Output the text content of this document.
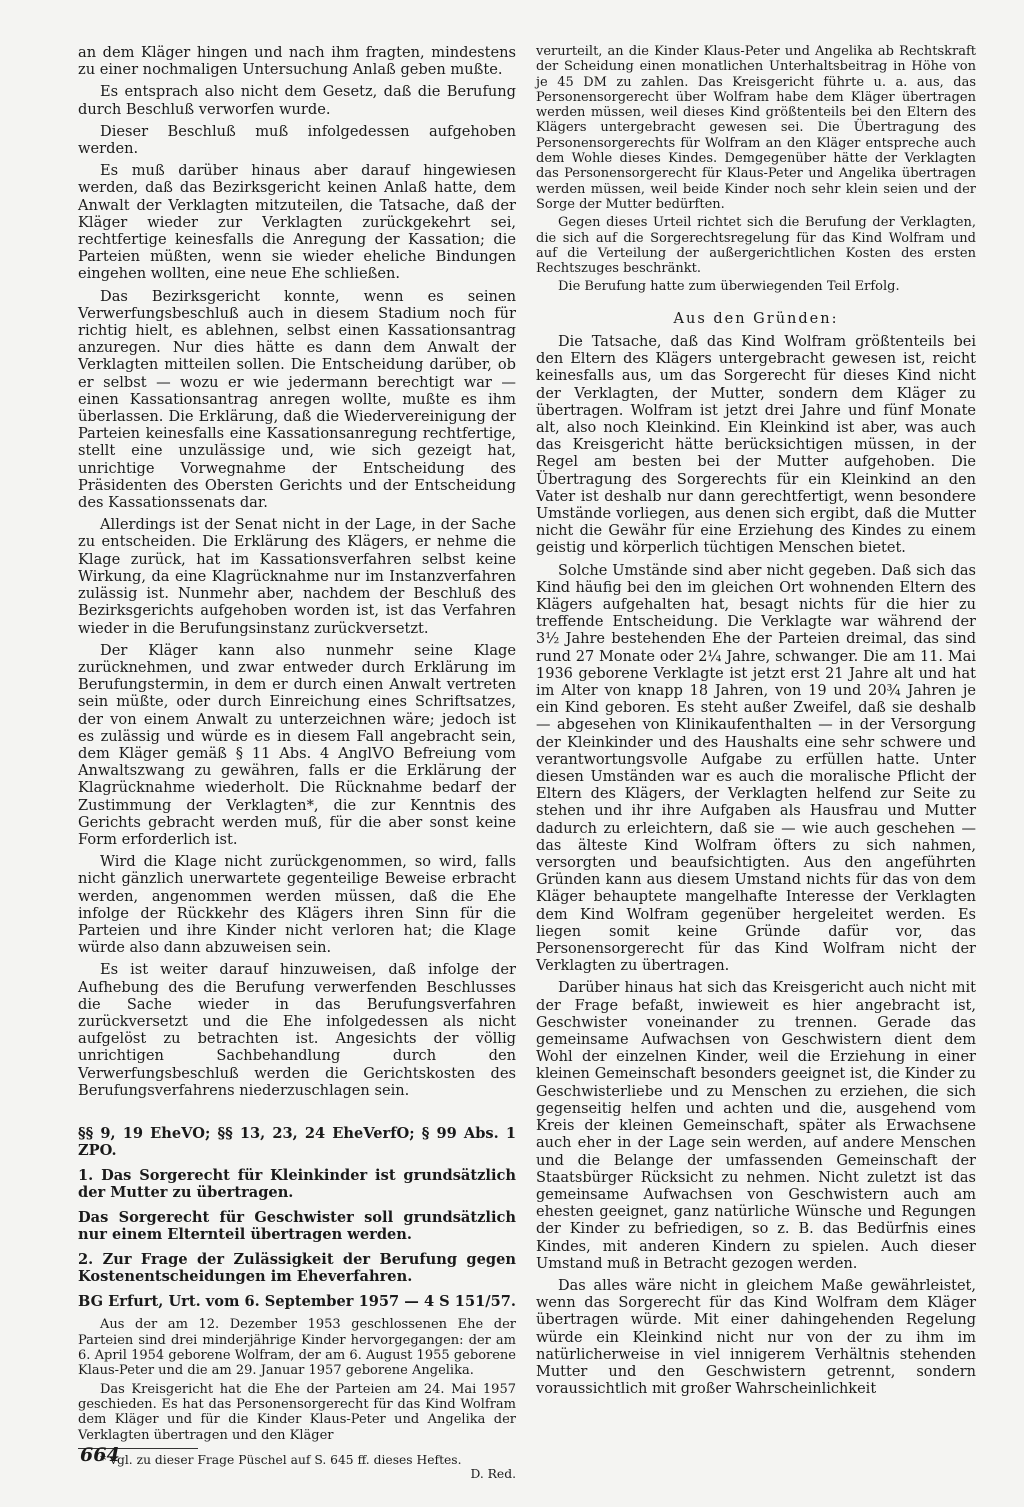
an dem Kläger hingen und nach ihm fragten, mindestens zu einer nochmaligen Untersuchung Anlaß geben mußte.

Es entsprach also nicht dem Gesetz, daß die Berufung durch Beschluß verworfen wurde.

Dieser Beschluß muß infolgedessen aufgehoben werden.

Es muß darüber hinaus aber darauf hingewiesen werden, daß das Bezirksgericht keinen Anlaß hatte, dem Anwalt der Verklagten mitzuteilen, die Tatsache, daß der Kläger wieder zur Verklagten zurückgekehrt sei, rechtfertige keinesfalls die Anregung der Kassation; die Parteien müßten, wenn sie wieder eheliche Bindungen eingehen wollten, eine neue Ehe schließen.

Das Bezirksgericht konnte, wenn es seinen Verwerfungsbeschluß auch in diesem Stadium noch für richtig hielt, es ablehnen, selbst einen Kassationsantrag anzuregen. Nur dies hätte es dann dem Anwalt der Verklagten mitteilen sollen. Die Entscheidung darüber, ob er selbst — wozu er wie jedermann berechtigt war — einen Kassationsantrag anregen wollte, mußte es ihm überlassen. Die Erklärung, daß die Wiedervereinigung der Parteien keinesfalls eine Kassationsanregung rechtfertige, stellt eine unzulässige und, wie sich gezeigt hat, unrichtige Vorwegnahme der Entscheidung des Präsidenten des Obersten Gerichts und der Entscheidung des Kassationssenats dar.

Allerdings ist der Senat nicht in der Lage, in der Sache zu entscheiden. Die Erklärung des Klägers, er nehme die Klage zurück, hat im Kassationsverfahren selbst keine Wirkung, da eine Klagrücknahme nur im Instanzverfahren zulässig ist. Nunmehr aber, nachdem der Beschluß des Bezirksgerichts aufgehoben worden ist, ist das Verfahren wieder in die Berufungsinstanz zurückversetzt.

Der Kläger kann also nunmehr seine Klage zurücknehmen, und zwar entweder durch Erklärung im Berufungstermin, in dem er durch einen Anwalt vertreten sein müßte, oder durch Einreichung eines Schriftsatzes, der von einem Anwalt zu unterzeichnen wäre; jedoch ist es zulässig und würde es in diesem Fall angebracht sein, dem Kläger gemäß § 11 Abs. 4 AnglVO Befreiung vom Anwaltszwang zu gewähren, falls er die Erklärung der Klagrücknahme wiederholt. Die Rücknahme bedarf der Zustimmung der Verklagten*, die zur Kenntnis des Gerichts gebracht werden muß, für die aber sonst keine Form erforderlich ist.

Wird die Klage nicht zurückgenommen, so wird, falls nicht gänzlich unerwartete gegenteilige Beweise erbracht werden, angenommen werden müssen, daß die Ehe infolge der Rückkehr des Klägers ihren Sinn für die Parteien und ihre Kinder nicht verloren hat; die Klage würde also dann abzuweisen sein.

Es ist weiter darauf hinzuweisen, daß infolge der Aufhebung des die Berufung verwerfenden Beschlusses die Sache wieder in das Berufungsverfahren zurückversetzt und die Ehe infolgedessen als nicht aufgelöst zu betrachten ist. Angesichts der völlig unrichtigen Sachbehandlung durch den Verwerfungsbeschluß werden die Gerichtskosten des Berufungsverfahrens niederzuschlagen sein.

§§ 9, 19 EheVO; §§ 13, 23, 24 EheVerfO; § 99 Abs. 1 ZPO.

1. Das Sorgerecht für Kleinkinder ist grundsätzlich der Mutter zu übertragen.

Das Sorgerecht für Geschwister soll grundsätzlich nur einem Elternteil übertragen werden.

2. Zur Frage der Zulässigkeit der Berufung gegen Kostenentscheidungen im Eheverfahren.

BG Erfurt, Urt. vom 6. September 1957 — 4 S 151/57.

Aus der am 12. Dezember 1953 geschlossenen Ehe der Parteien sind drei minderjährige Kinder hervorgegangen: der am 6. April 1954 geborene Wolfram, der am 6. August 1955 geborene Klaus-Peter und die am 29. Januar 1957 geborene Angelika.

Das Kreisgericht hat die Ehe der Parteien am 24. Mai 1957 geschieden. Es hat das Personensorgerecht für das Kind Wolfram dem Kläger und für die Kinder Klaus-Peter und Angelika der Verklagten übertragen und den Kläger

* vgl. zu dieser Frage Püschel auf S. 645 ff. dieses Heftes.

D. Red.

verurteilt, an die Kinder Klaus-Peter und Angelika ab Rechtskraft der Scheidung einen monatlichen Unterhaltsbeitrag in Höhe von je 45 DM zu zahlen. Das Kreisgericht führte u. a. aus, das Personensorgerecht über Wolfram habe dem Kläger übertragen werden müssen, weil dieses Kind größtenteils bei den Eltern des Klägers untergebracht gewesen sei. Die Übertragung des Personensorgerechts für Wolfram an den Kläger entspreche auch dem Wohle dieses Kindes. Demgegenüber hätte der Verklagten das Personensorgerecht für Klaus-Peter und Angelika übertragen werden müssen, weil beide Kinder noch sehr klein seien und der Sorge der Mutter bedürften.

Gegen dieses Urteil richtet sich die Berufung der Verklagten, die sich auf die Sorgerechtsregelung für das Kind Wolfram und auf die Verteilung der außergerichtlichen Kosten des ersten Rechtszuges beschränkt.

Die Berufung hatte zum überwiegenden Teil Erfolg.

Aus den Gründen:

Die Tatsache, daß das Kind Wolfram größtenteils bei den Eltern des Klägers untergebracht gewesen ist, reicht keinesfalls aus, um das Sorgerecht für dieses Kind nicht der Verklagten, der Mutter, sondern dem Kläger zu übertragen. Wolfram ist jetzt drei Jahre und fünf Monate alt, also noch Kleinkind. Ein Kleinkind ist aber, was auch das Kreisgericht hätte berücksichtigen müssen, in der Regel am besten bei der Mutter aufgehoben. Die Übertragung des Sorgerechts für ein Kleinkind an den Vater ist deshalb nur dann gerechtfertigt, wenn besondere Umstände vorliegen, aus denen sich ergibt, daß die Mutter nicht die Gewähr für eine Erziehung des Kindes zu einem geistig und körperlich tüchtigen Menschen bietet.

Solche Umstände sind aber nicht gegeben. Daß sich das Kind häufig bei den im gleichen Ort wohnenden Eltern des Klägers aufgehalten hat, besagt nichts für die hier zu treffende Entscheidung. Die Verklagte war während der 3½ Jahre bestehenden Ehe der Parteien dreimal, das sind rund 27 Monate oder 2¼ Jahre, schwanger. Die am 11. Mai 1936 geborene Verklagte ist jetzt erst 21 Jahre alt und hat im Alter von knapp 18 Jahren, von 19 und 20¾ Jahren je ein Kind geboren. Es steht außer Zweifel, daß sie deshalb — abgesehen von Klinikaufenthalten — in der Versorgung der Kleinkinder und des Haushalts eine sehr schwere und verantwortungsvolle Aufgabe zu erfüllen hatte. Unter diesen Umständen war es auch die moralische Pflicht der Eltern des Klägers, der Verklagten helfend zur Seite zu stehen und ihr ihre Aufgaben als Hausfrau und Mutter dadurch zu erleichtern, daß sie — wie auch geschehen — das älteste Kind Wolfram öfters zu sich nahmen, versorgten und beaufsichtigten. Aus den angeführten Gründen kann aus diesem Umstand nichts für das von dem Kläger behauptete mangelhafte Interesse der Verklagten dem Kind Wolfram gegenüber hergeleitet werden. Es liegen somit keine Gründe dafür vor, das Personensorgerecht für das Kind Wolfram nicht der Verklagten zu übertragen.

Darüber hinaus hat sich das Kreisgericht auch nicht mit der Frage befaßt, inwieweit es hier angebracht ist, Geschwister voneinander zu trennen. Gerade das gemeinsame Aufwachsen von Geschwistern dient dem Wohl der einzelnen Kinder, weil die Erziehung in einer kleinen Gemeinschaft besonders geeignet ist, die Kinder zu Geschwisterliebe und zu Menschen zu erziehen, die sich gegenseitig helfen und achten und die, ausgehend vom Kreis der kleinen Gemeinschaft, später als Erwachsene auch eher in der Lage sein werden, auf andere Menschen und die Belange der umfassenden Gemeinschaft der Staatsbürger Rücksicht zu nehmen. Nicht zuletzt ist das gemeinsame Aufwachsen von Geschwistern auch am ehesten geeignet, ganz natürliche Wünsche und Regungen der Kinder zu befriedigen, so z. B. das Bedürfnis eines Kindes, mit anderen Kindern zu spielen. Auch dieser Umstand muß in Betracht gezogen werden.

Das alles wäre nicht in gleichem Maße gewährleistet, wenn das Sorgerecht für das Kind Wolfram dem Kläger übertragen würde. Mit einer dahingehenden Regelung würde ein Kleinkind nicht nur von der zu ihm im natürlicherweise in viel innigerem Verhältnis stehenden Mutter und den Geschwistern getrennt, sondern voraussichtlich mit großer Wahrscheinlichkeit

664
